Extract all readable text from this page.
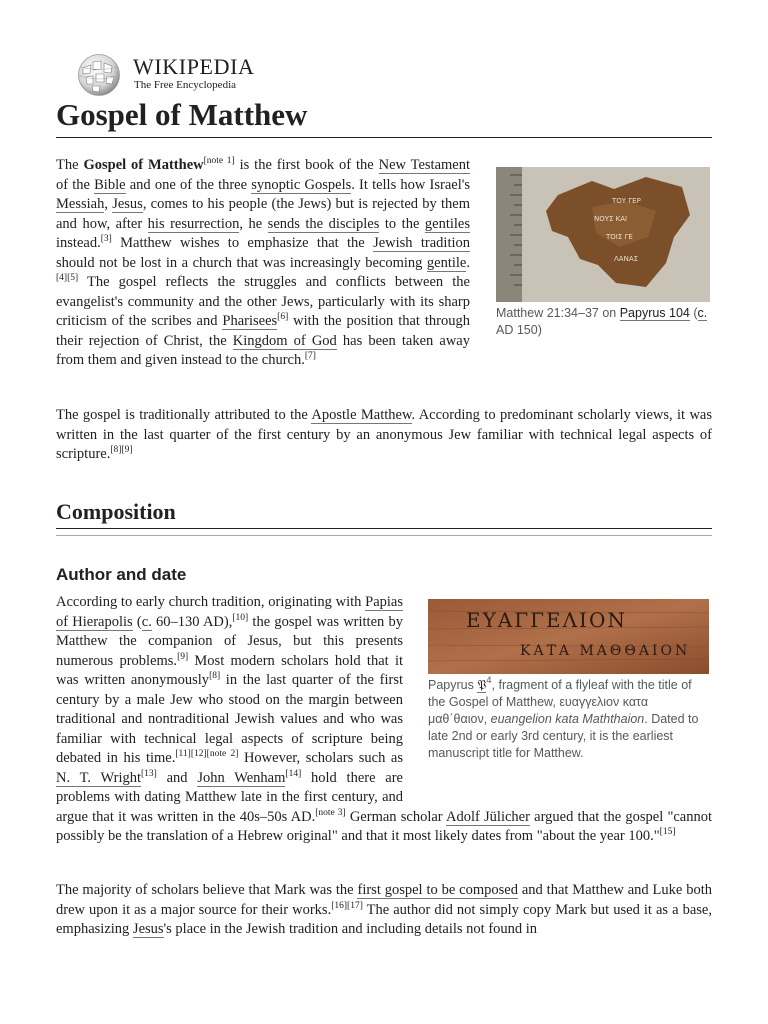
WIKIPEDIA
The Free Encyclopedia
Gospel of Matthew

The Gospel of Matthew[note 1] is the first book of the New Testament of the Bible and one of the three synoptic Gospels. It tells how Israel's Messiah, Jesus, comes to his people (the Jews) but is rejected by them and how, after his resurrection, he sends the disciples to the gentiles instead.[3] Matthew wishes to emphasize that the Jewish tradition should not be lost in a church that was increasingly becoming gentile.[4][5] The gospel reflects the struggles and conflicts between the evangelist's community and the other Jews, particularly with its sharp criticism of the scribes and Pharisees[6] with the position that through their rejection of Christ, the Kingdom of God has been taken away from them and given instead to the church.[7]

ΤΟΥ ΓΕΡ
ΝΟΥΣ ΚΑΙ
ΤΟΙΣ ΓΕ
ΛΑΝΑΣ
Matthew 21:34–37 on Papyrus 104 (c. AD 150)

The gospel is traditionally attributed to the Apostle Matthew. According to predominant scholarly views, it was written in the last quarter of the first century by an anonymous Jew familiar with technical legal aspects of scripture.[8][9]

Composition
Author and date
ΕΥΑΓΓΕΛΙΟΝ
ΚΑΤΑ ΜΑΘΘΑΙΟΝ
Papyrus 𝔓$^4$, fragment of a flyleaf with the title of the Gospel of Matthew, ευαγγελιον κατα μαθ΄θαιον, euangelion kata Maththaion. Dated to late 2nd or early 3rd century, it is the earliest manuscript title for Matthew.

According to early church tradition, originating with Papias of Hierapolis (c. 60–130 AD),[10] the gospel was written by Matthew the companion of Jesus, but this presents numerous problems.[9] Most modern scholars hold that it was written anonymously[8] in the last quarter of the first century by a male Jew who stood on the margin between traditional and nontraditional Jewish values and who was familiar with technical legal aspects of scripture being debated in his time.[11][12][note 2] However, scholars such as N. T. Wright[13] and John Wenham[14] hold there are problems with dating Matthew late in the first century, and argue that it was written in the 40s–50s AD.[note 3] German scholar Adolf Jülicher argued that the gospel "cannot possibly be the translation of a Hebrew original" and that it most likely dates from "about the year 100."[15]

The majority of scholars believe that Mark was the first gospel to be composed and that Matthew and Luke both drew upon it as a major source for their works.[16][17] The author did not simply copy Mark but used it as a base, emphasizing Jesus's place in the Jewish tradition and including details not found in
